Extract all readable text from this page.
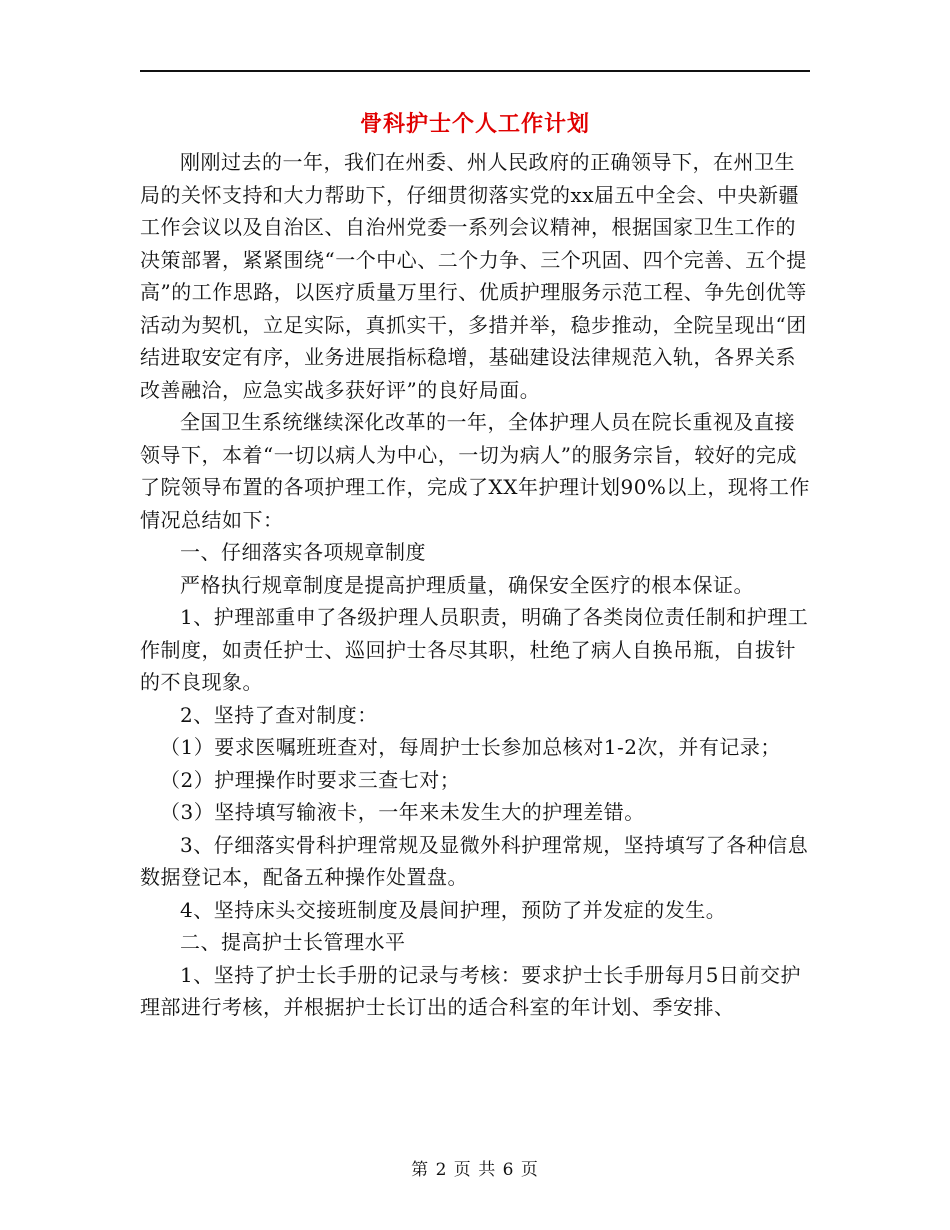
骨科护士个人工作计划

刚刚过去的一年，我们在州委、州人民政府的正确领导下，在州卫生局的关怀支持和大力帮助下，仔细贯彻落实党的xx届五中全会、中央新疆工作会议以及自治区、自治州党委一系列会议精神，根据国家卫生工作的决策部署，紧紧围绕“一个中心、二个力争、三个巩固、四个完善、五个提高”的工作思路，以医疗质量万里行、优质护理服务示范工程、争先创优等活动为契机，立足实际，真抓实干，多措并举，稳步推动，全院呈现出“团结进取安定有序，业务进展指标稳增，基础建设法律规范入轨，各界关系改善融洽，应急实战多获好评”的良好局面。

全国卫生系统继续深化改革的一年，全体护理人员在院长重视及直接领导下，本着“一切以病人为中心，一切为病人”的服务宗旨，较好的完成了院领导布置的各项护理工作，完成了XX年护理计划90%以上，现将工作情况总结如下：

一、仔细落实各项规章制度

严格执行规章制度是提高护理质量，确保安全医疗的根本保证。

1、护理部重申了各级护理人员职责，明确了各类岗位责任制和护理工作制度，如责任护士、巡回护士各尽其职，杜绝了病人自换吊瓶，自拔针的不良现象。

2、坚持了查对制度：

（1）要求医嘱班班查对，每周护士长参加总核对1-2次，并有记录；

（2）护理操作时要求三查七对；

（3）坚持填写输液卡，一年来未发生大的护理差错。

3、仔细落实骨科护理常规及显微外科护理常规，坚持填写了各种信息数据登记本，配备五种操作处置盘。

4、坚持床头交接班制度及晨间护理，预防了并发症的发生。

二、提高护士长管理水平

1、坚持了护士长手册的记录与考核：要求护士长手册每月5日前交护理部进行考核，并根据护士长订出的适合科室的年计划、季安排、

第 2 页 共 6 页
